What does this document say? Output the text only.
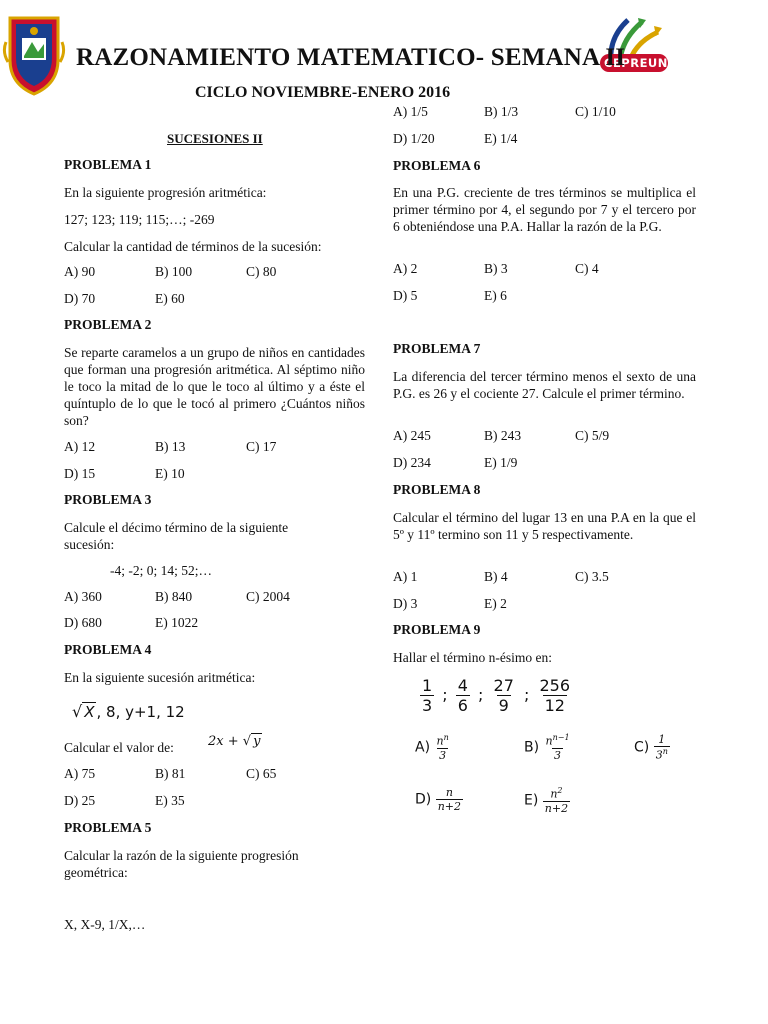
CEPREUNA
RAZONAMIENTO MATEMATICO- SEMANA II
CICLO NOVIEMBRE-ENERO 2016
SUCESIONES II
PROBLEMA 1
En la siguiente progresión aritmética:
127; 123; 119; 115;…; -269
Calcular la cantidad de términos de la sucesión:
A) 90	B) 100	C) 80
D) 70	E) 60
PROBLEMA 2
Se reparte caramelos a un grupo de niños en cantidades que forman una progresión aritmética. Al séptimo niño le toco la mitad de lo que le toco al último y a éste el quíntuplo de lo que le tocó al primero ¿Cuántos niños son?
A) 12	B) 13	C) 17
D) 15	E) 10
PROBLEMA 3
Calcule el décimo término de la siguiente sucesión:
-4; -2; 0; 14; 52;…
A) 360	B) 840	C) 2004
D) 680	E) 1022
PROBLEMA 4
En la siguiente sucesión aritmética:
√ X , 8, y+1, 12
Calcular el valor de:	2x + √ y
A) 75	B) 81	C) 65
D) 25	E) 35
PROBLEMA 5
Calcular la razón de la siguiente progresión geométrica:
X, X-9, 1/X,…
A) 1/5	B) 1/3	C) 1/10
D) 1/20	E) 1/4
PROBLEMA 6
En una P.G. creciente de tres términos se multiplica el primer término por 4, el segundo por 7 y el tercero por 6 obteniéndose una P.A. Hallar la razón de la P.G.
A) 2	B) 3	C) 4
D) 5	E) 6
PROBLEMA 7
La diferencia del tercer término menos el sexto de una P.G. es 26 y el cociente 27. Calcule el primer término.
A) 245	B) 243	C) 5/9
D) 234	E) 1/9
PROBLEMA 8
Calcular el término del lugar 13 en una P.A en la que el 5º y 11º termino son 11 y 5 respectivamente.
A) 1	B) 4	C) 3.5
D) 3	E) 2
PROBLEMA 9
Hallar el término n-ésimo en:
$\frac{1}{3}$ ; $\frac{4}{6}$ ; $\frac{27}{9}$ ; $\frac{256}{12}$
$A) \frac{n^n}{3}$	$B) \frac{n^{n-1}}{3}$	$C) \frac{1}{3^n}$
$D) \frac{n}{n+2}$	$E) \frac{n^2}{n+2}$
